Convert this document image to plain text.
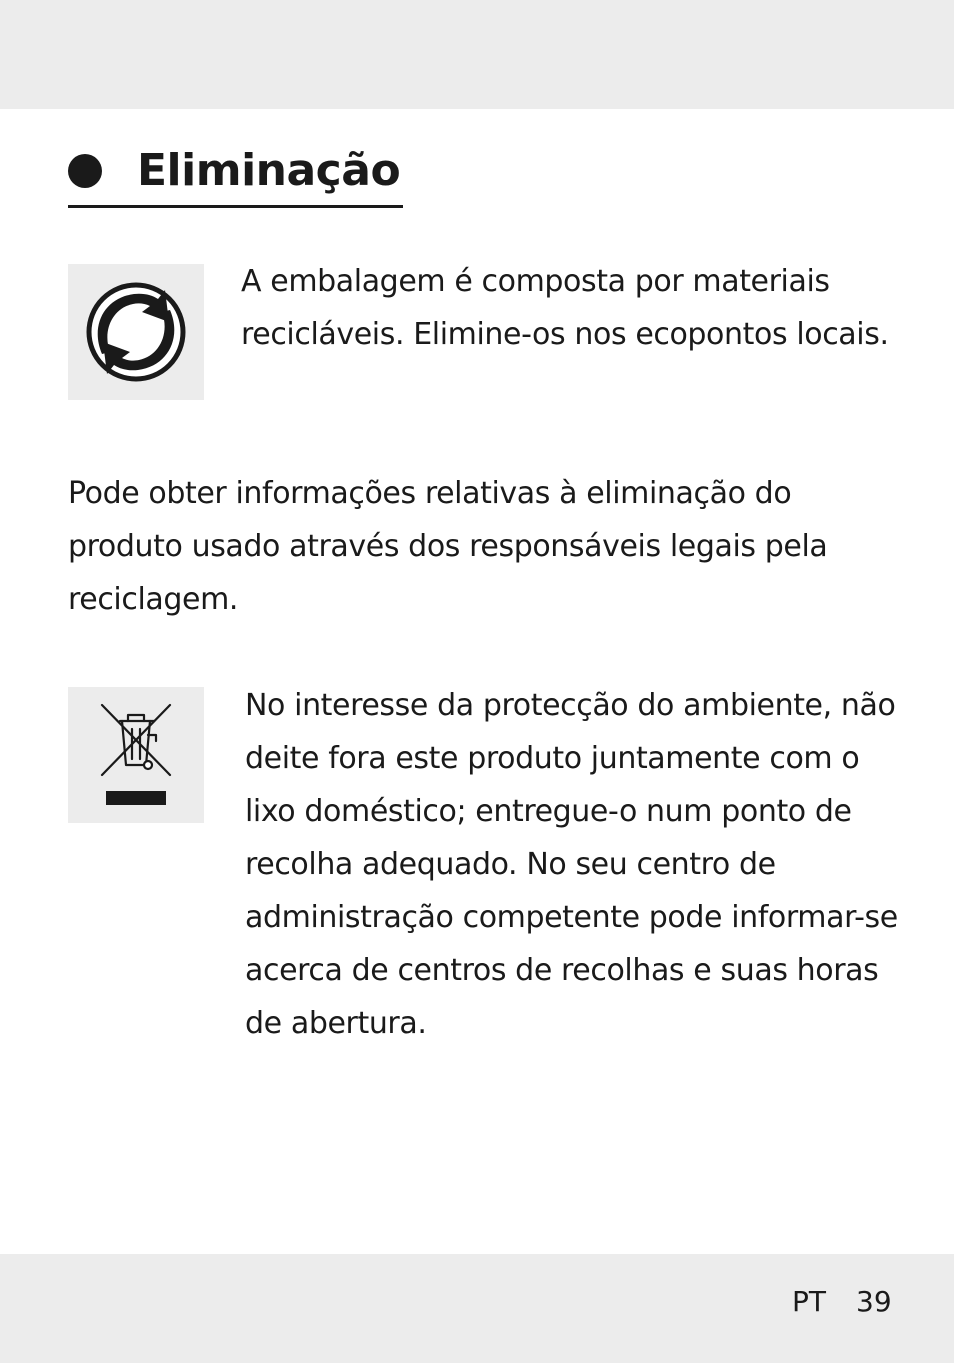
Eliminação

A embalagem é composta por materiais recicláveis. Elimine-os nos ecopontos locais.

Pode obter informações relativas à eliminação do produto usado através dos responsáveis legais pela reciclagem.

No interesse da protecção do ambiente, não deite fora este produto juntamente com o lixo doméstico; entregue-o num ponto de recolha adequado. No seu centro de administração competente pode informar-se acerca de centros de recolhas e suas horas de abertura.

PT 39
